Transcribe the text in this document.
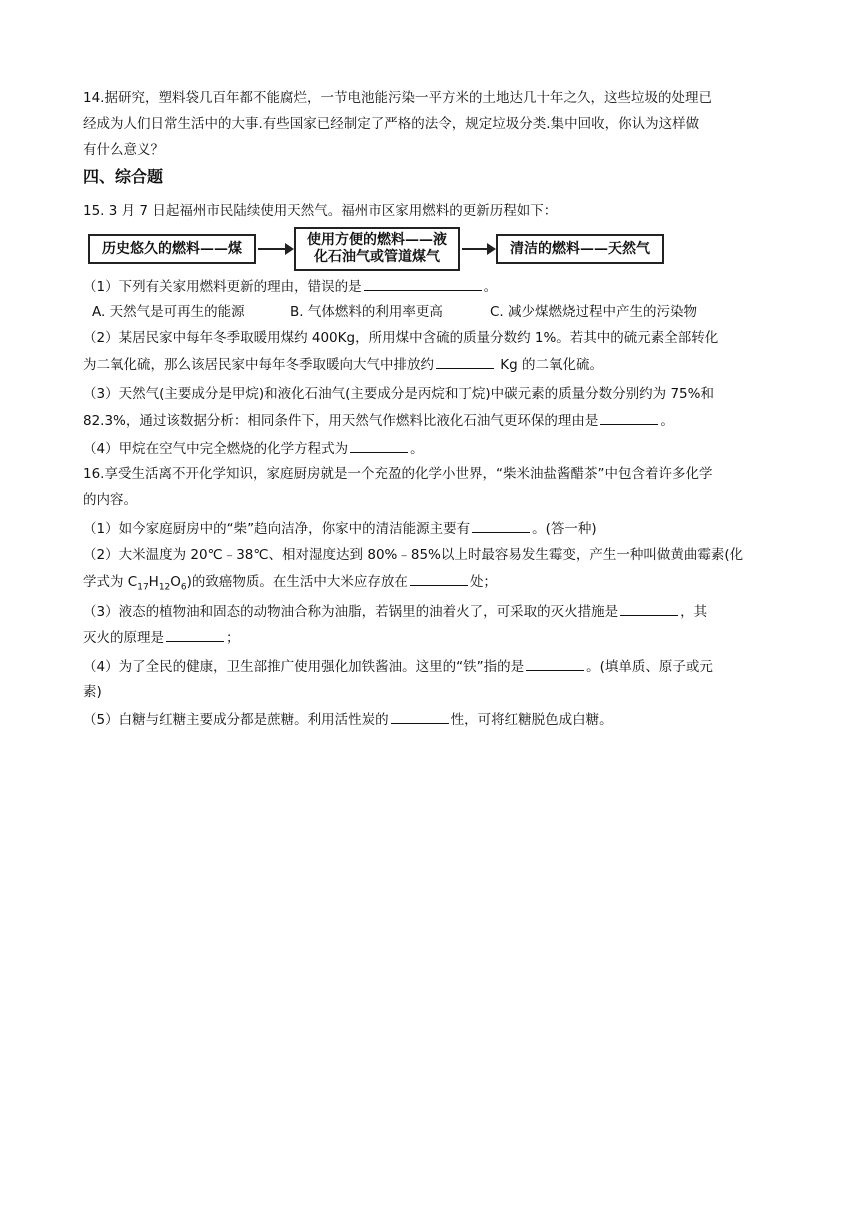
14.据研究，塑料袋几百年都不能腐烂，一节电池能污染一平方米的土地达几十年之久，这些垃圾的处理已
经成为人们日常生活中的大事.有些国家已经制定了严格的法令，规定垃圾分类.集中回收，你认为这样做
有什么意义？
四、综合题
15. 3 月 7 日起福州市民陆续使用天然气。福州市区家用燃料的更新历程如下：
历史悠久的燃料——煤
使用方便的燃料——液
化石油气或管道煤气
清洁的燃料——天然气
（1）下列有关家用燃料更新的理由，错误的是	。
A. 天然气是可再生的能源	B. 气体燃料的利用率更高	C. 减少煤燃烧过程中产生的污染物
（2）某居民家中每年冬季取暖用煤约 400Kg，所用煤中含硫的质量分数约 1%。若其中的硫元素全部转化
为二氧化硫，那么该居民家中每年冬季取暖向大气中排放约	Kg 的二氧化硫。
（3）天然气(主要成分是甲烷)和液化石油气(主要成分是丙烷和丁烷)中碳元素的质量分数分别约为 75%和
82.3%，通过该数据分析：相同条件下，用天然气作燃料比液化石油气更环保的理由是	。
（4）甲烷在空气中完全燃烧的化学方程式为	。
16.享受生活离不开化学知识，家庭厨房就是一个充盈的化学小世界，“柴米油盐酱醋茶”中包含着许多化学
的内容。
（1）如今家庭厨房中的“柴”趋向洁净，你家中的清洁能源主要有	。(答一种)
（2）大米温度为 20℃﹣38℃、相对湿度达到 80%﹣85%以上时最容易发生霉变，产生一种叫做黄曲霉素(化
学式为 $C_{17}H_{12}O_6$)的致癌物质。在生活中大米应存放在	处；
（3）液态的植物油和固态的动物油合称为油脂，若锅里的油着火了，可采取的灭火措施是	，其
灭火的原理是	；
（4）为了全民的健康，卫生部推广使用强化加铁酱油。这里的“铁”指的是	。(填单质、原子或元
素)
（5）白糖与红糖主要成分都是蔗糖。利用活性炭的	性，可将红糖脱色成白糖。
